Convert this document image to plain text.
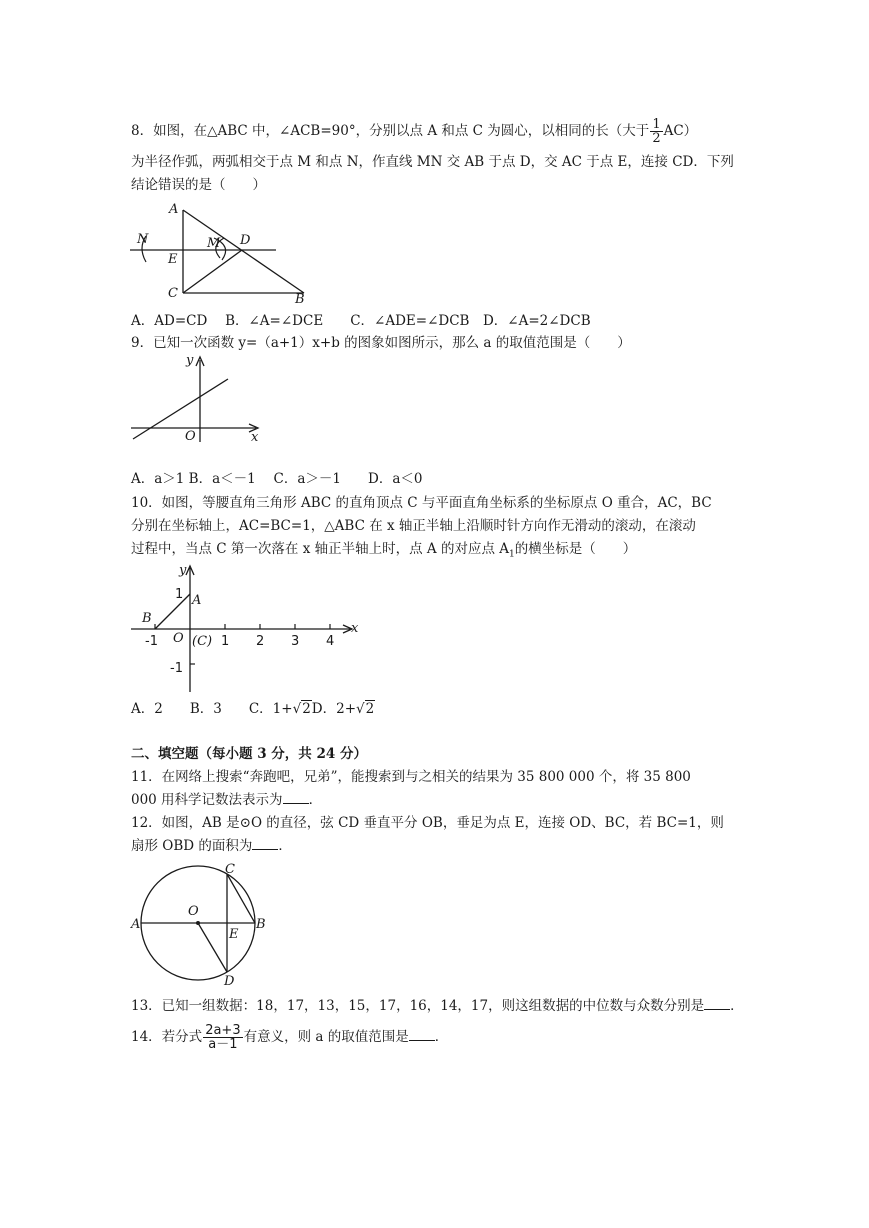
8．如图，在△ABC 中，∠ACB=90°，分别以点 A 和点 C 为圆心，以相同的长（大于 $\frac{1}{2} AC$）
为半径作弧，两弧相交于点 M 和点 N，作直线 MN 交 AB 于点 D，交 AC 于点 E，连接 CD．下列
结论错误的是（　　）
A
N	M D
E
C	B
A．AD=CD　 B．∠A=∠DCE　　C．∠ADE=∠DCB　D．∠A=2∠DCB
9．已知一次函数 y=（a+1）x+b 的图象如图所示，那么 a 的取值范围是（　　）
y
O	x
A．a＞1 B．a＜－1　 C．a＞－1　　D．a＜0
10．如图，等腰直角三角形 ABC 的直角顶点 C 与平面直角坐标系的坐标原点 O 重合，AC，BC
分别在坐标轴上，AC=BC=1，△ABC 在 x 轴正半轴上沿顺时针方向作无滑动的滚动，在滚动
过程中，当点 C 第一次落在 x 轴正半轴上时，点 A 的对应点 $A_1$的横坐标是（　　）
y
x
B
A
1
O (C)
-1	1 2 3 4
-1
A．2　　B．3　　C．1+√2D．2+√2
二、填空题（每小题 3 分，共 24 分）
11．在网络上搜索“奔跑吧，兄弟”，能搜索到与之相关的结果为 35 800 000 个，将 35 800
000 用科学记数法表示为 ．
12．如图，AB 是⊙O 的直径，弦 CD 垂直平分 OB，垂足为点 E，连接 OD、BC，若 BC=1，则
扇形 OBD 的面积为 ．
A
O
C
E
B
D
13．已知一组数据：18，17，13，15，17，16，14，17，则这组数据的中位数与众数分别是 ．
14．若分式 $\frac{2a+3}{a-1}$ 有意义，则 a 的取值范围是 ．
